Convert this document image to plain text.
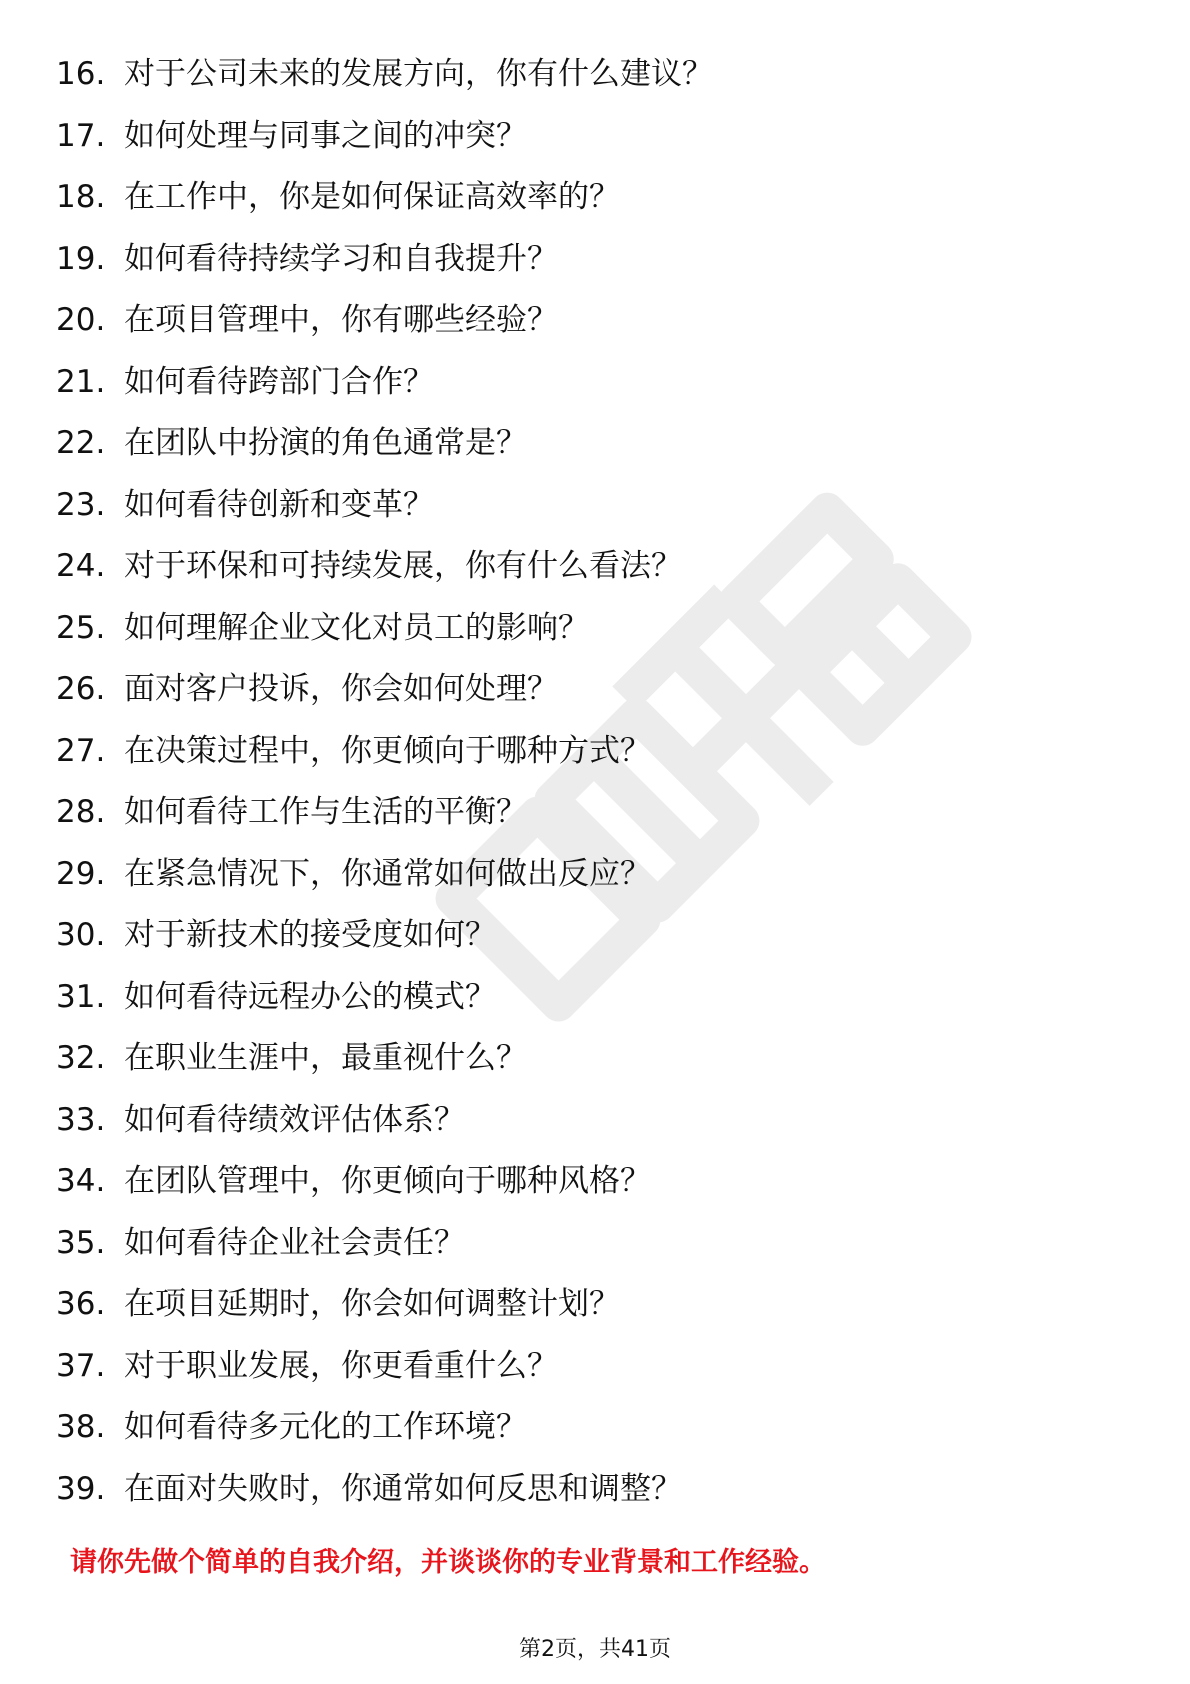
16. 对于公司未来的发展方向，你有什么建议？
17. 如何处理与同事之间的冲突？
18. 在工作中，你是如何保证高效率的？
19. 如何看待持续学习和自我提升？
20. 在项目管理中，你有哪些经验？
21. 如何看待跨部门合作？
22. 在团队中扮演的角色通常是？
23. 如何看待创新和变革？
24. 对于环保和可持续发展，你有什么看法？
25. 如何理解企业文化对员工的影响？
26. 面对客户投诉，你会如何处理？
27. 在决策过程中，你更倾向于哪种方式？
28. 如何看待工作与生活的平衡？
29. 在紧急情况下，你通常如何做出反应？
30. 对于新技术的接受度如何？
31. 如何看待远程办公的模式？
32. 在职业生涯中，最重视什么？
33. 如何看待绩效评估体系？
34. 在团队管理中，你更倾向于哪种风格？
35. 如何看待企业社会责任？
36. 在项目延期时，你会如何调整计划？
37. 对于职业发展，你更看重什么？
38. 如何看待多元化的工作环境？
39. 在面对失败时，你通常如何反思和调整？
请你先做个简单的自我介绍，并谈谈你的专业背景和工作经验。
第2页，共41页
